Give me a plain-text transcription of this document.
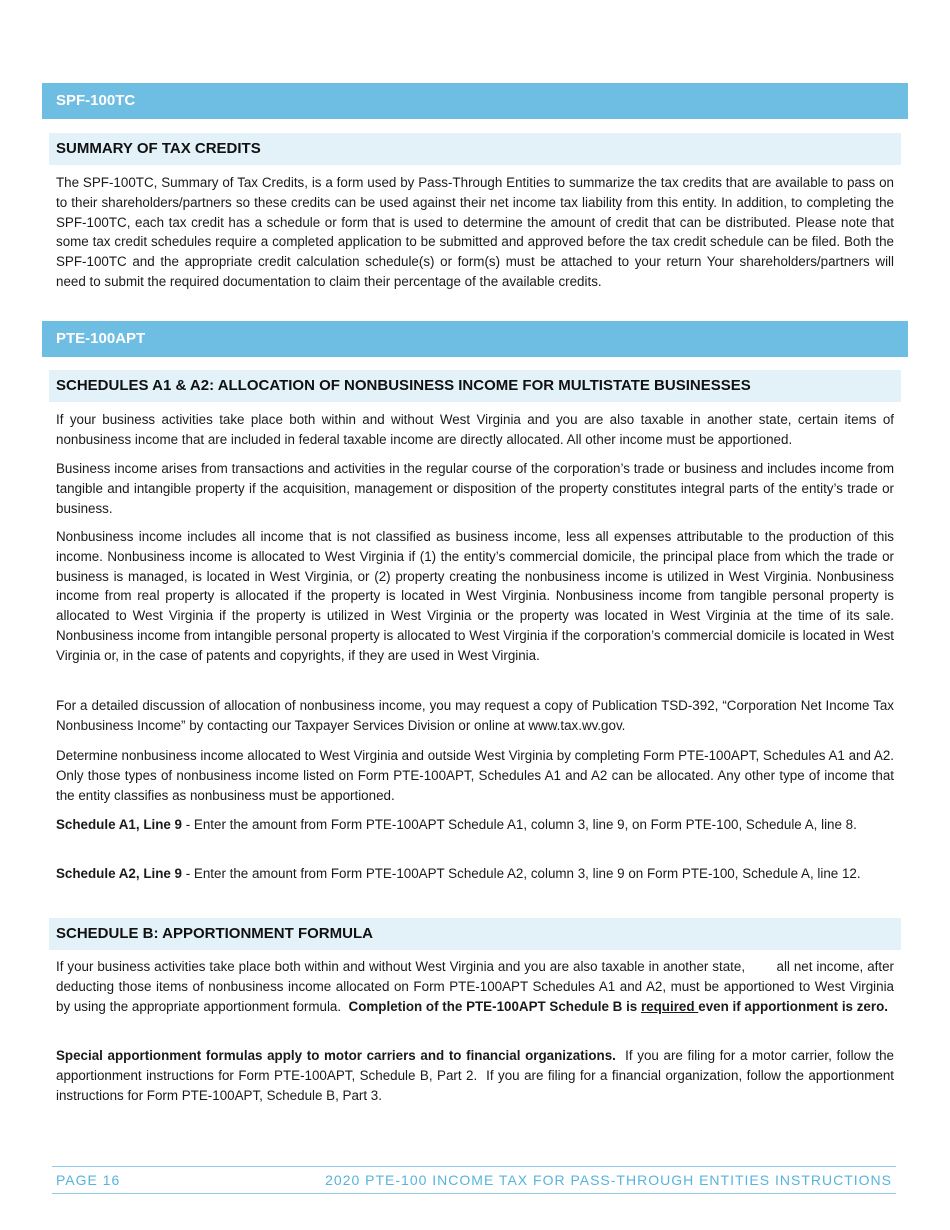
SPF-100TC
SUMMARY OF TAX CREDITS

The SPF-100TC, Summary of Tax Credits, is a form used by Pass-Through Entities to summarize the tax credits that are available to pass on to their shareholders/partners so these credits can be used against their net income tax liability from this entity. In addition, to completing the SPF-100TC, each tax credit has a schedule or form that is used to determine the amount of credit that can be distributed. Please note that some tax credit schedules require a completed application to be submitted and approved before the tax credit schedule can be filed. Both the SPF-100TC and the appropriate credit calculation schedule(s) or form(s) must be attached to your return Your shareholders/partners will need to submit the required documentation to claim their percentage of the available credits.

PTE-100APT
SCHEDULES A1 & A2: ALLOCATION OF NONBUSINESS INCOME FOR MULTISTATE BUSINESSES

If your business activities take place both within and without West Virginia and you are also taxable in another state, certain items of nonbusiness income that are included in federal taxable income are directly allocated. All other income must be apportioned.

Business income arises from transactions and activities in the regular course of the corporation’s trade or business and includes income from tangible and intangible property if the acquisition, management or disposition of the property constitutes integral parts of the entity’s trade or business.

Nonbusiness income includes all income that is not classified as business income, less all expenses attributable to the production of this income. Nonbusiness income is allocated to West Virginia if (1) the entity’s commercial domicile, the principal place from which the trade or business is managed, is located in West Virginia, or (2) property creating the nonbusiness income is utilized in West Virginia. Nonbusiness income from real property is allocated if the property is located in West Virginia. Nonbusiness income from tangible personal property is allocated to West Virginia if the property is utilized in West Virginia or the property was located in West Virginia at the time of its sale. Nonbusiness income from intangible personal property is allocated to West Virginia if the corporation’s commercial domicile is located in West Virginia or, in the case of patents and copyrights, if they are used in West Virginia.

For a detailed discussion of allocation of nonbusiness income, you may request a copy of Publication TSD-392, “Corporation Net Income Tax Nonbusiness Income” by contacting our Taxpayer Services Division or online at www.tax.wv.gov.

Determine nonbusiness income allocated to West Virginia and outside West Virginia by completing Form PTE-100APT, Schedules A1 and A2. Only those types of nonbusiness income listed on Form PTE-100APT, Schedules A1 and A2 can be allocated. Any other type of income that the entity classifies as nonbusiness must be apportioned.

Schedule A1, Line 9 - Enter the amount from Form PTE-100APT Schedule A1, column 3, line 9, on Form PTE-100, Schedule A, line 8.

Schedule A2, Line 9 - Enter the amount from Form PTE-100APT Schedule A2, column 3, line 9 on Form PTE-100, Schedule A, line 12.

SCHEDULE B: APPORTIONMENT FORMULA

If your business activities take place both within and without West Virginia and you are also taxable in another state,        all net income, after deducting those items of nonbusiness income allocated on Form PTE-100APT Schedules A1 and A2, must be apportioned to West Virginia by using the appropriate apportionment formula.  Completion of the PTE-100APT Schedule B is required even if apportionment is zero.

Special apportionment formulas apply to motor carriers and to financial organizations.  If you are filing for a motor carrier, follow the apportionment instructions for Form PTE-100APT, Schedule B, Part 2.  If you are filing for a financial organization, follow the apportionment instructions for Form PTE-100APT, Schedule B, Part 3.

PAGE 16	2020 PTE-100 INCOME TAX FOR PASS-THROUGH ENTITIES INSTRUCTIONS
